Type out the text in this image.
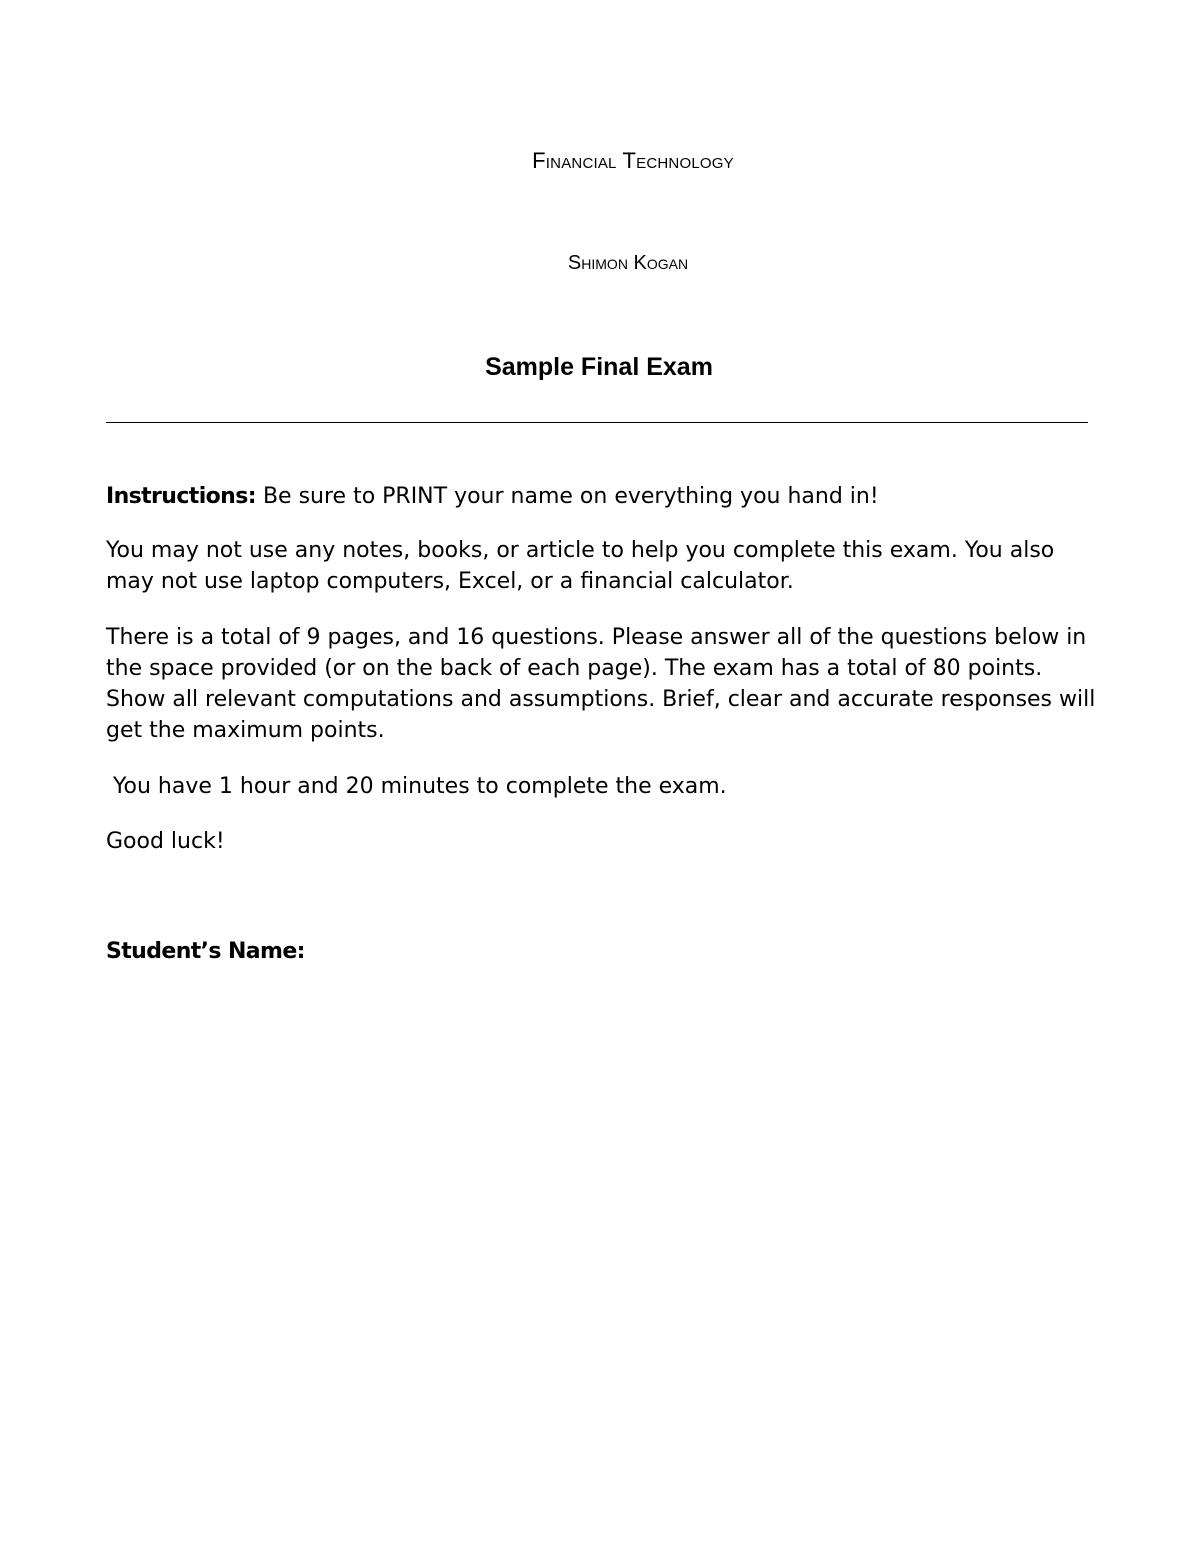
Financial Technology
Shimon Kogan
Sample Final Exam

Instructions: Be sure to PRINT your name on everything you hand in!

You may not use any notes, books, or article to help you complete this exam. You also may not use laptop computers, Excel, or a financial calculator.

There is a total of 9 pages, and 16 questions. Please answer all of the questions below in the space provided (or on the back of each page). The exam has a total of 80 points.  Show all relevant computations and assumptions. Brief, clear and accurate responses will get the maximum points.

You have 1 hour and 20 minutes to complete the exam.

Good luck!

Student’s Name:
